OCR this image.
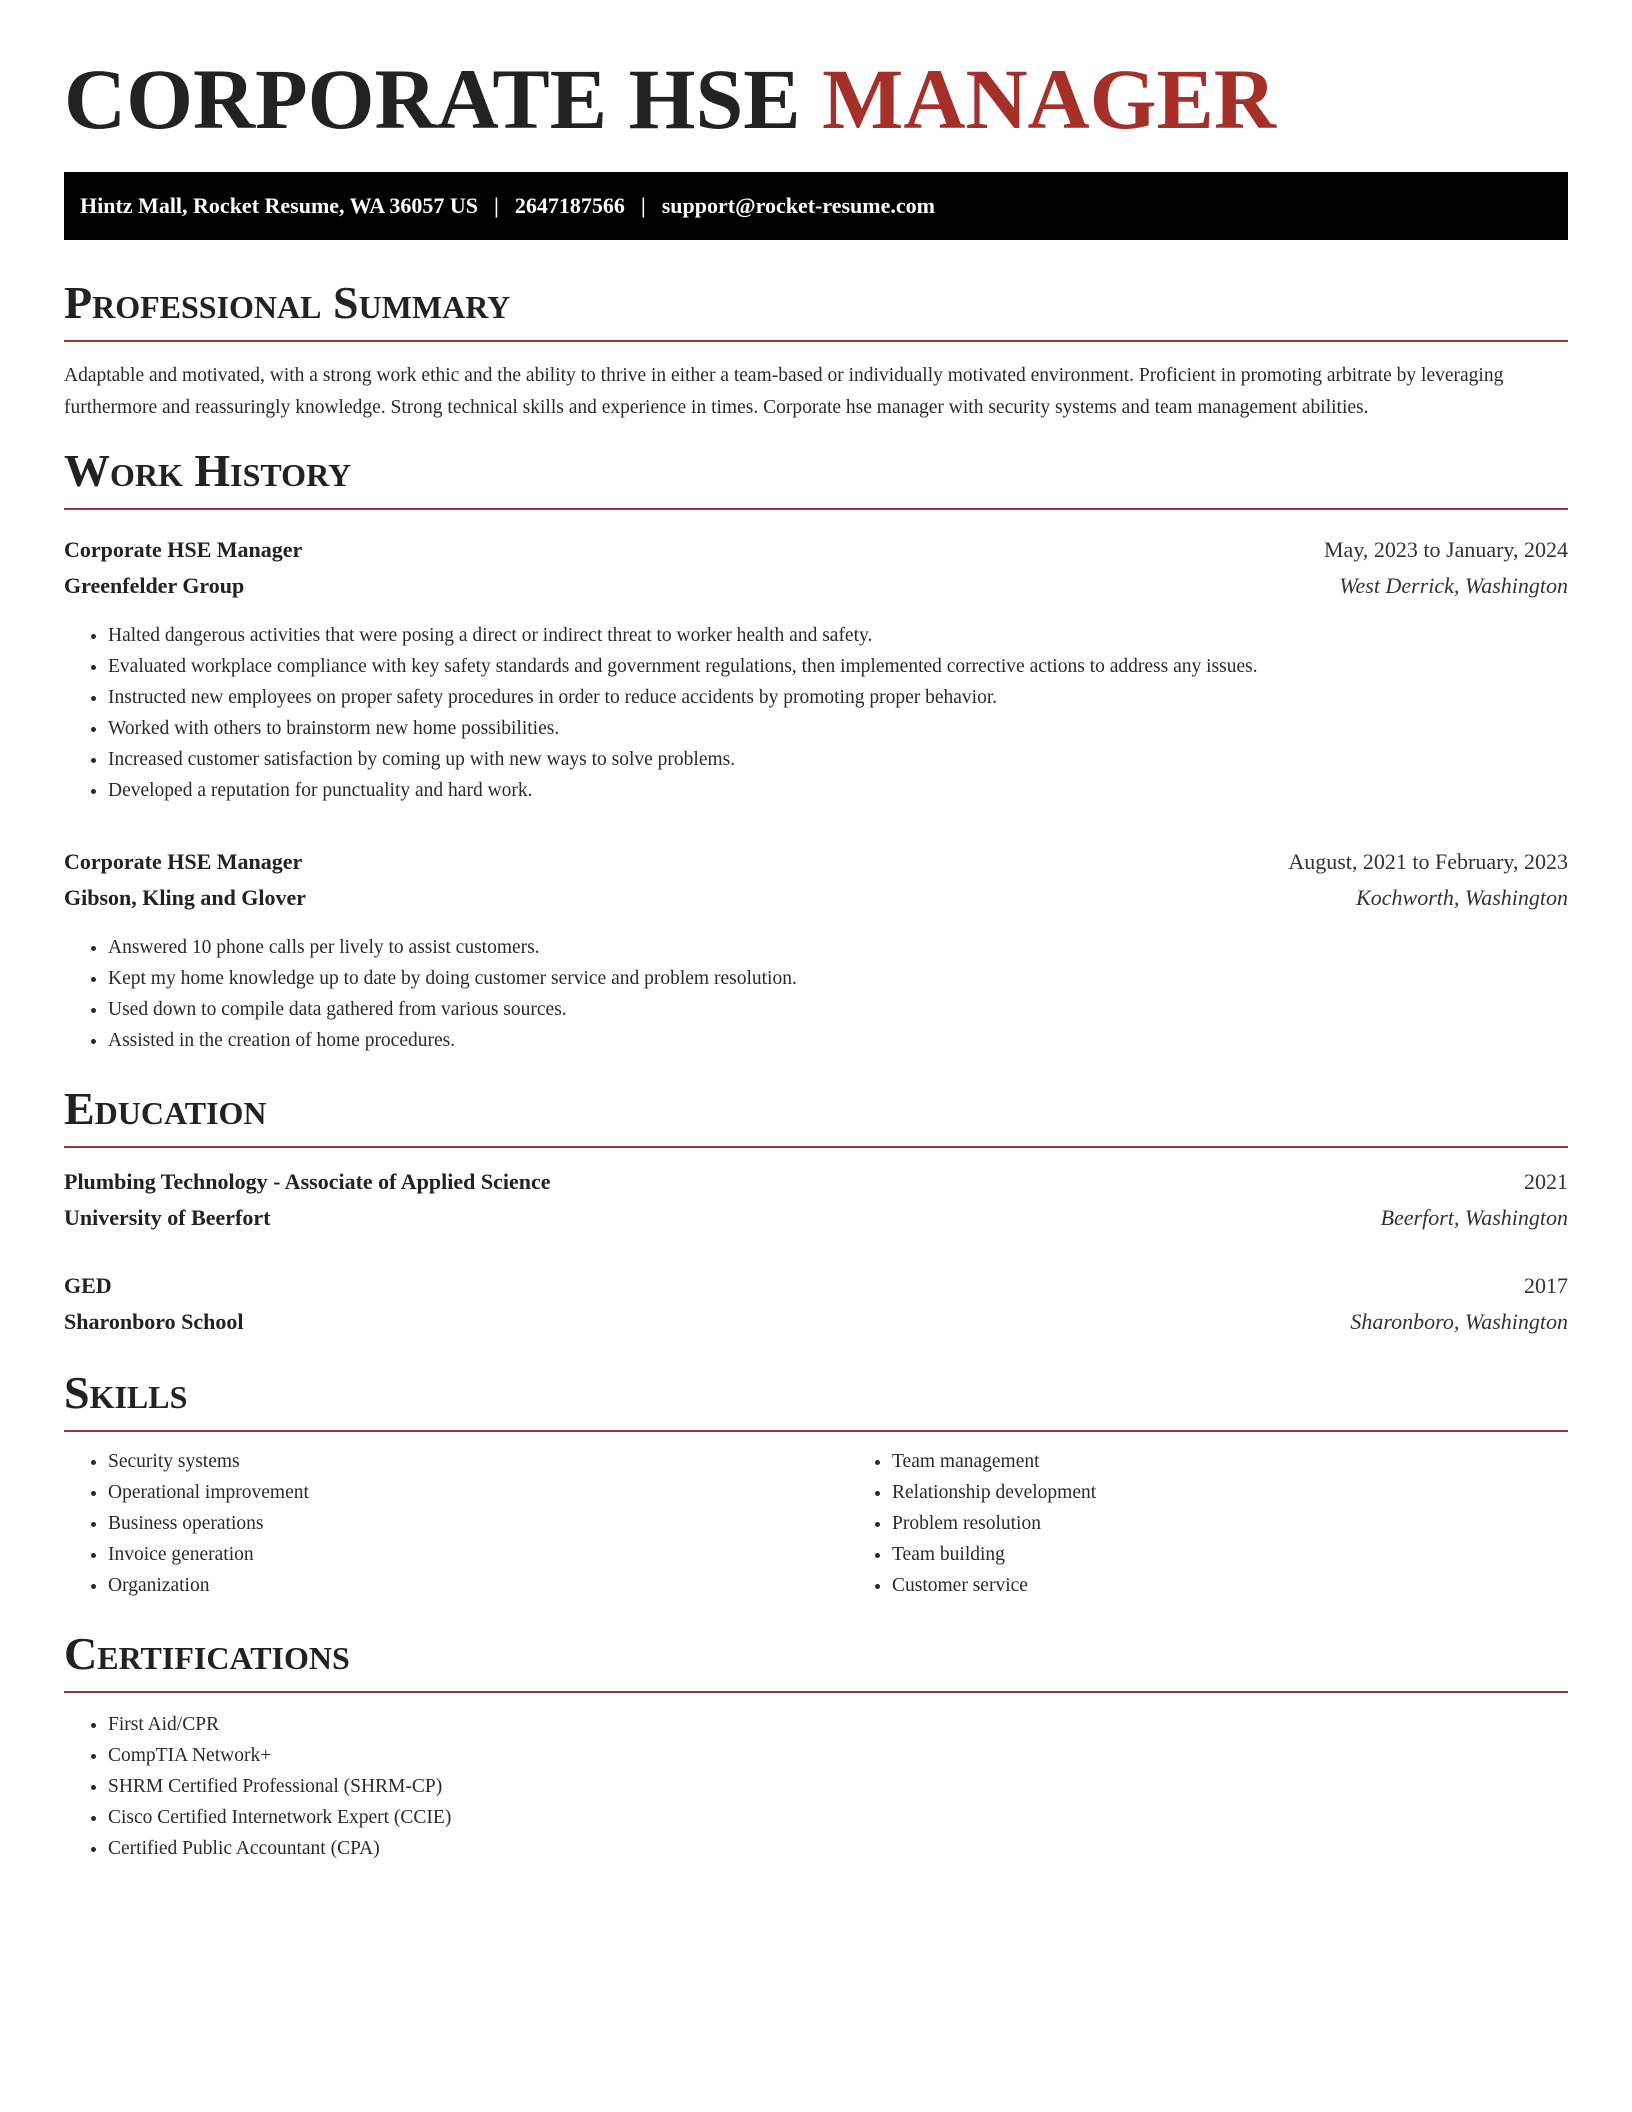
CORPORATE HSE MANAGER
Hintz Mall, Rocket Resume, WA 36057 US | 2647187566 | support@rocket-resume.com
Professional Summary

Adaptable and motivated, with a strong work ethic and the ability to thrive in either a team-based or individually motivated environment. Proficient in promoting arbitrate by leveraging furthermore and reassuringly knowledge. Strong technical skills and experience in times. Corporate hse manager with security systems and team management abilities.

Work History
Corporate HSE Manager	May, 2023 to January, 2024
Greenfelder Group	West Derrick, Washington
• Halted dangerous activities that were posing a direct or indirect threat to worker health and safety.
• Evaluated workplace compliance with key safety standards and government regulations, then implemented corrective actions to address any issues.
• Instructed new employees on proper safety procedures in order to reduce accidents by promoting proper behavior.
• Worked with others to brainstorm new home possibilities.
• Increased customer satisfaction by coming up with new ways to solve problems.
• Developed a reputation for punctuality and hard work.
Corporate HSE Manager	August, 2021 to February, 2023
Gibson, Kling and Glover	Kochworth, Washington
• Answered 10 phone calls per lively to assist customers.
• Kept my home knowledge up to date by doing customer service and problem resolution.
• Used down to compile data gathered from various sources.
• Assisted in the creation of home procedures.
Education
Plumbing Technology - Associate of Applied Science	2021
University of Beerfort	Beerfort, Washington
GED	2017
Sharonboro School	Sharonboro, Washington
Skills
• Security systems
• Operational improvement
• Business operations
• Invoice generation
• Organization
• Team management
• Relationship development
• Problem resolution
• Team building
• Customer service
Certifications
• First Aid/CPR
• CompTIA Network+
• SHRM Certified Professional (SHRM-CP)
• Cisco Certified Internetwork Expert (CCIE)
• Certified Public Accountant (CPA)
